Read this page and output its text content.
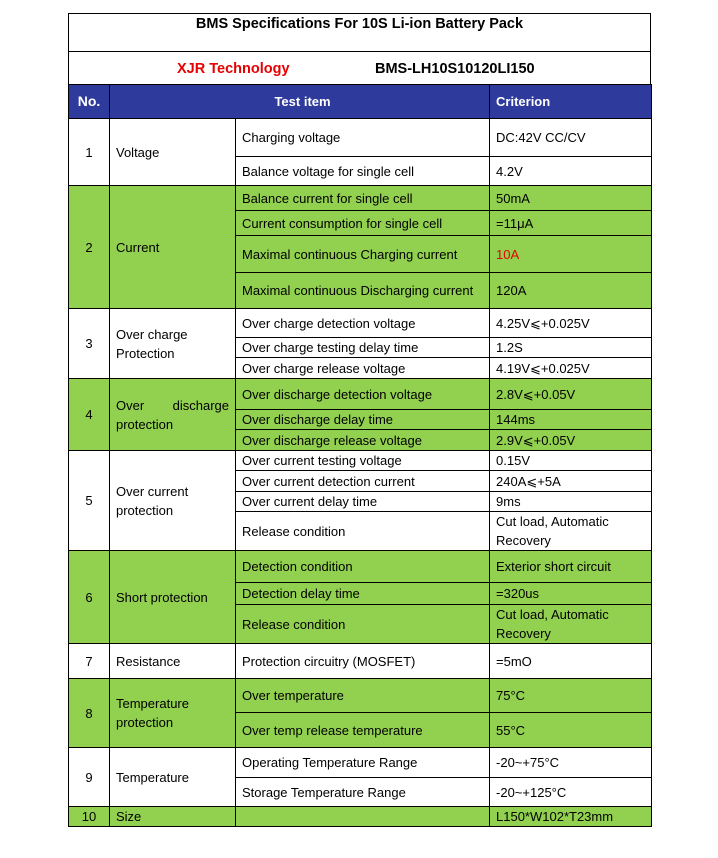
BMS Specifications For 10S Li-ion Battery Pack
XJR Technology	BMS-LH10S10120LI150
No.	Test item		Criterion
1	Voltage	Charging voltage	DC:42V CC/CV
		Balance voltage for single cell	4.2V
2	Current	Balance current for single cell	50mA
		Current consumption for single cell	=11μA
		Maximal continuous Charging current	10A
		Maximal continuous Discharging current	120A
3	Over charge Protection	Over charge detection voltage	4.25V⩽+0.025V
		Over charge testing delay time	1.2S
		Over charge release voltage	4.19V⩽+0.025V
4	Over discharge protection	Over discharge detection voltage	2.8V⩽+0.05V
		Over discharge delay time	144ms
		Over discharge release voltage	2.9V⩽+0.05V
5	Over current protection	Over current testing voltage	0.15V
		Over current detection current	240A⩽+5A
		Over current delay time	9ms
		Release condition	Cut load, Automatic Recovery
6	Short protection	Detection condition	Exterior short circuit
		Detection delay time	=320us
		Release condition	Cut load, Automatic Recovery
7	Resistance	Protection circuitry (MOSFET)	=5mO
8	Temperature protection	Over temperature	75°C
		Over temp release temperature	55°C
9	Temperature	Operating Temperature Range	-20~+75°C
		Storage Temperature Range	-20~+125°C
10	Size		L150*W102*T23mm
